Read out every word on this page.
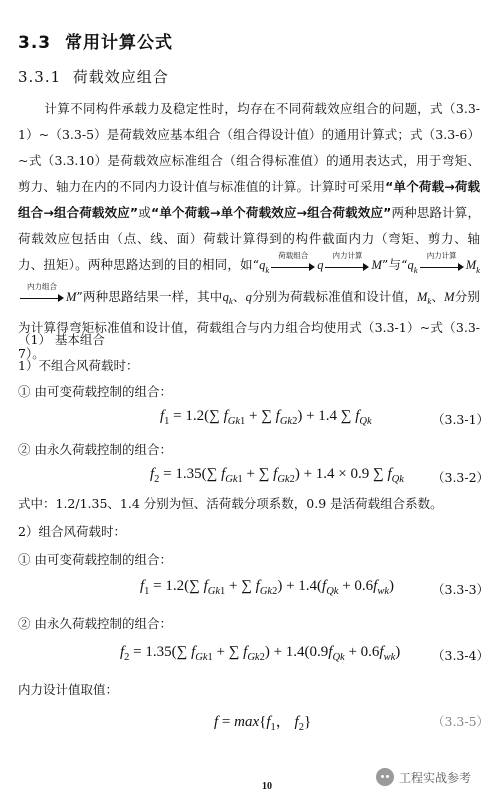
3.3 常用计算公式
3.3.1 荷载效应组合
计算不同构件承载力及稳定性时，均存在不同荷载效应组合的问题，式（3.3-1）~（3.3-5）是荷载效应基本组合（组合得设计值）的通用计算式；式（3.3-6）~式（3.3.10）是荷载效应标准组合（组合得标准值）的通用表达式，用于弯矩、剪力、轴力在内的不同内力设计值与标准值的计算。计算时可采用“单个荷载→荷载组合→组合荷载效应”或“单个荷载→单个荷载效应→组合荷载效应”两种思路计算，荷载效应包括由（点、线、面）荷载计算得到的构件截面内力（弯矩、剪力、轴力、扭矩）。两种思路达到的目的相同，如“$q_k$
荷载组合
q
内力计算
M”与“$q_k$
内力计算
$M_k$
内力组合
M”两种思路结果一样，其中$q_k$、q分别为荷载标准值和设计值，$M_k$、M分别为计算得弯矩标准值和设计值，荷载组合与内力组合均使用式（3.3-1）~式（3.3-7）。
（1） 基本组合
1）不组合风荷载时：
① 由可变荷载控制的组合：
$f_1 = 1.2(\sum$ $f_{Gk1}$ + ∑ $f_{Gk2}) + 1.4$ ∑ $f_{Qk}$	（3.3-1）
② 由永久荷载控制的组合：
$f_2 = 1.35(\sum$ $f_{Gk1}$ + ∑ $f_{Gk2}) + 1.4 \times 0.9$ ∑ $f_{Qk}$ （3.3-2）
式中：1.2/1.35、1.4 分别为恒、活荷载分项系数，0.9 是活荷载组合系数。
2）组合风荷载时：
① 由可变荷载控制的组合：
$f_1 = 1.2(\sum$ $f_{Gk1}$ + ∑ $f_{Gk2}) + 1.4(f_{Qk} + 0.6f_{wk})$	（3.3-3）
② 由永久荷载控制的组合：
$f_2 = 1.35(\sum$ $f_{Gk1}$ + ∑ $f_{Gk2}) + 1.4(0.9f_{Qk} + 0.6f_{wk})$	（3.3-4）
内力设计值取值：
$f = \max\{f_1$， $f_2$}	（3.3-5）
工程实战参考
10
